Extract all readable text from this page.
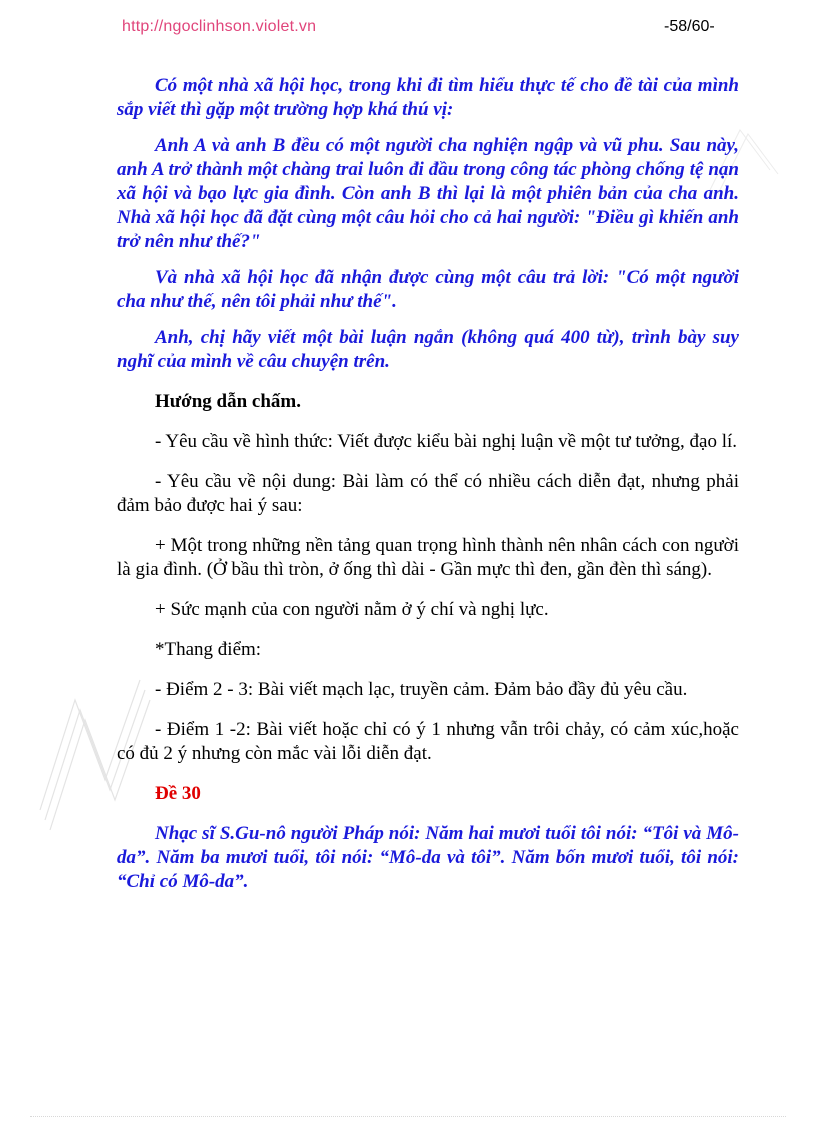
http://ngoclinhson.violet.vn	-58/60-

Có một nhà xã hội học, trong khi đi tìm hiểu thực tế cho đề tài của mình sắp viết thì gặp một trường hợp khá thú vị:

Anh A và anh B đều có một người cha nghiện ngập và vũ phu. Sau này, anh A trở thành một chàng trai luôn đi đầu trong công tác phòng chống tệ nạn xã hội và bạo lực gia đình. Còn anh B thì lại là một phiên bản của cha anh. Nhà xã hội học đã đặt cùng một câu hỏi cho cả hai người: "Điều gì khiến anh trở nên như thế?"

Và nhà xã hội học đã nhận được cùng một câu trả lời: "Có một người cha như thế, nên tôi phải như thế".

Anh, chị hãy viết một bài luận ngắn (không quá 400 từ), trình bày suy nghĩ của mình về câu chuyện trên.

Hướng dẫn chấm.

- Yêu cầu về hình thức: Viết được kiểu bài nghị luận về một tư tưởng, đạo lí.

- Yêu cầu về nội dung: Bài làm có thể có nhiều cách diễn đạt, nhưng phải đảm bảo được hai ý sau:

+ Một trong những nền tảng quan trọng hình thành nên nhân cách con người là gia đình. (Ở bầu thì tròn, ở ống thì dài - Gần mực thì đen, gần đèn thì sáng).

+ Sức mạnh của con người nằm ở ý chí và nghị lực.

*Thang điểm:

- Điểm 2 - 3: Bài viết mạch lạc, truyền cảm. Đảm bảo đầy đủ yêu cầu.

- Điểm 1 -2: Bài viết hoặc chỉ có ý 1 nhưng vẫn trôi chảy, có cảm xúc,hoặc có đủ 2 ý nhưng còn mắc vài lỗi diễn đạt.

Đề 30

Nhạc sĩ S.Gu-nô người Pháp nói: Năm hai mươi tuổi tôi nói: “Tôi và Mô-da”. Năm ba mươi tuổi, tôi nói: “Mô-da và tôi”. Năm bốn mươi tuổi, tôi nói: “Chỉ có Mô-da”.
